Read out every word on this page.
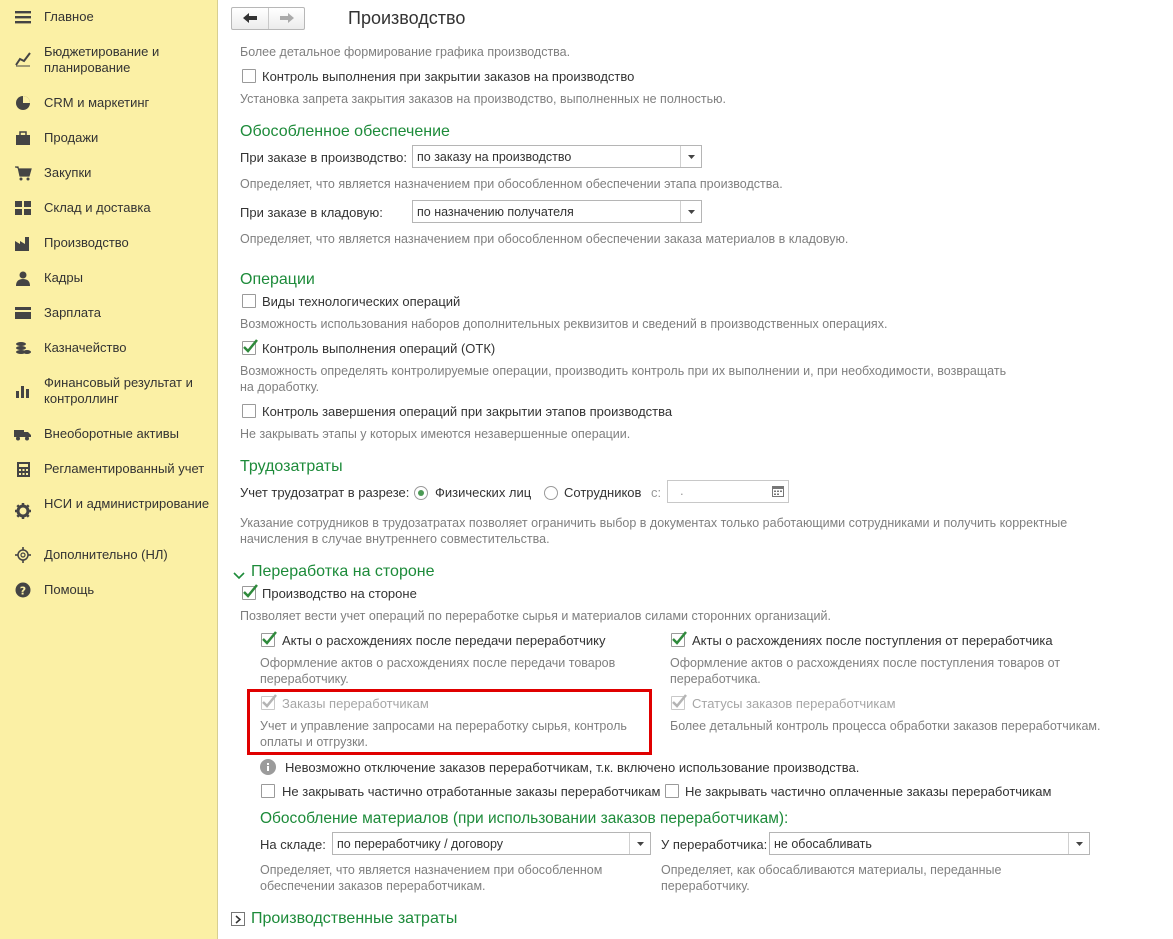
Главное
Бюджетирование и планирование
CRM и маркетинг
Продажи
Закупки
Склад и доставка
Производство
Кадры
Зарплата
Казначейство
Финансовый результат и контроллинг
Внеоборотные активы
Регламентированный учет
НСИ и администрирование
Дополнительно (НЛ)
? Помощь
Производство
Более детальное формирование графика производства.
Контроль выполнения при закрытии заказов на производство
Установка запрета закрытия заказов на производство, выполненных не полностью.
Обособленное обеспечение
При заказе в производство: по заказу на производство
Определяет, что является назначением при обособленном обеспечении этапа производства.
При заказе в кладовую:	по назначению получателя
Определяет, что является назначением при обособленном обеспечении заказа материалов в кладовую.
Операции
Виды технологических операций
Возможность использования наборов дополнительных реквизитов и сведений в производственных операциях.
Контроль выполнения операций (ОТК)
Возможность определять контролируемые операции, производить контроль при их выполнении и, при необходимости, возвращать
на доработку.
Контроль завершения операций при закрытии этапов производства
Не закрывать этапы у которых имеются незавершенные операции.
Трудозатраты
Учет трудозатрат в разрезе: Физических лиц	Сотрудников с: .
Указание сотрудников в трудозатратах позволяет ограничить выбор в документах только работающими сотрудниками и получить корректные
начисления в случае внутреннего совместительства.
Переработка на стороне
Производство на стороне
Позволяет вести учет операций по переработке сырья и материалов силами сторонних организаций.
Акты о расхождениях после передачи переработчику
Оформление актов о расхождениях после передачи товаров
переработчику.
Акты о расхождениях после поступления от переработчика
Оформление актов о расхождениях после поступления товаров от
переработчика.
Заказы переработчикам
Учет и управление запросами на переработку сырья, контроль
оплаты и отгрузки.
Статусы заказов переработчикам
Более детальный контроль процесса обработки заказов переработчикам.
Невозможно отключение заказов переработчикам, т.к. включено использование производства.
Не закрывать частично отработанные заказы переработчикам Не закрывать частично оплаченные заказы переработчикам
Обособление материалов (при использовании заказов переработчикам):
На складе: по переработчику / договору
Определяет, что является назначением при обособленном
обеспечении заказов переработчикам.
У переработчика: не обосабливать
Определяет, как обосабливаются материалы, переданные
переработчику.
Производственные затраты
